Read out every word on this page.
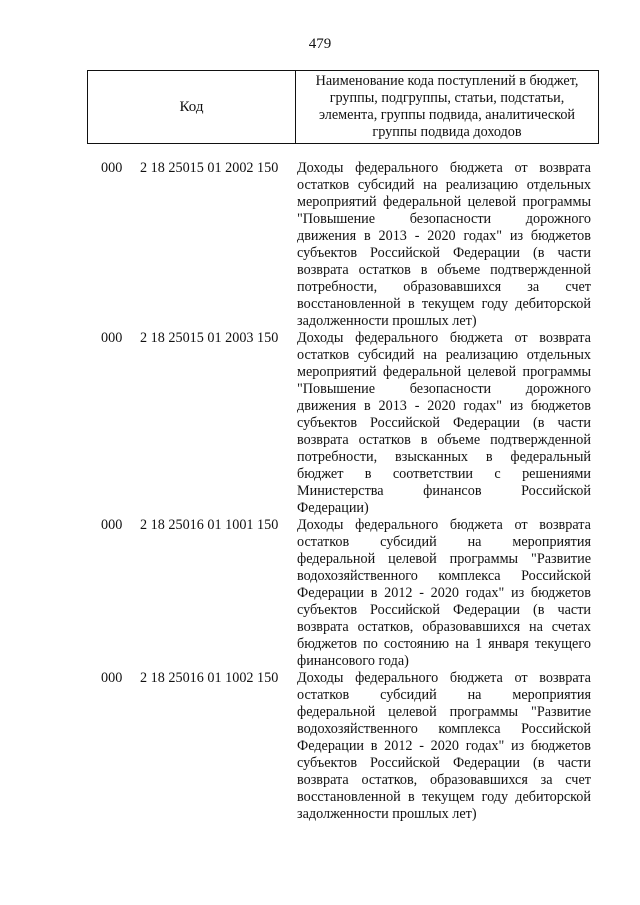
479
Код
Наименование кода поступлений в бюджет, группы, подгруппы, статьи, подстатьи, элемента, группы подвида, аналитической группы подвида доходов
000 2 18 25015 01 2002 150 Доходы федерального бюджета от возврата
остатков субсидий на реализацию отдельных
мероприятий федеральной целевой программы
"Повышение безопасности дорожного
движения в 2013 - 2020 годах" из бюджетов
субъектов Российской Федерации (в части
возврата остатков в объеме подтвержденной
потребности, образовавшихся за счет
восстановленной в текущем году дебиторской
задолженности прошлых лет)
000 2 18 25015 01 2003 150 Доходы федерального бюджета от возврата
остатков субсидий на реализацию отдельных
мероприятий федеральной целевой программы
"Повышение безопасности дорожного
движения в 2013 - 2020 годах" из бюджетов
субъектов Российской Федерации (в части
возврата остатков в объеме подтвержденной
потребности, взысканных в федеральный
бюджет в соответствии с решениями
Министерства	финансов	Российской
Федерации)
000 2 18 25016 01 1001 150 Доходы федерального бюджета от возврата
остатков субсидий на мероприятия
федеральной целевой программы "Развитие
водохозяйственного комплекса Российской
Федерации в 2012 - 2020 годах" из бюджетов
субъектов Российской Федерации (в части
возврата остатков, образовавшихся на счетах
бюджетов по состоянию на 1 января текущего
финансового года)
000 2 18 25016 01 1002 150 Доходы федерального бюджета от возврата
остатков субсидий на мероприятия
федеральной целевой программы "Развитие
водохозяйственного комплекса Российской
Федерации в 2012 - 2020 годах" из бюджетов
субъектов Российской Федерации (в части
возврата остатков, образовавшихся за счет
восстановленной в текущем году дебиторской
задолженности прошлых лет)
